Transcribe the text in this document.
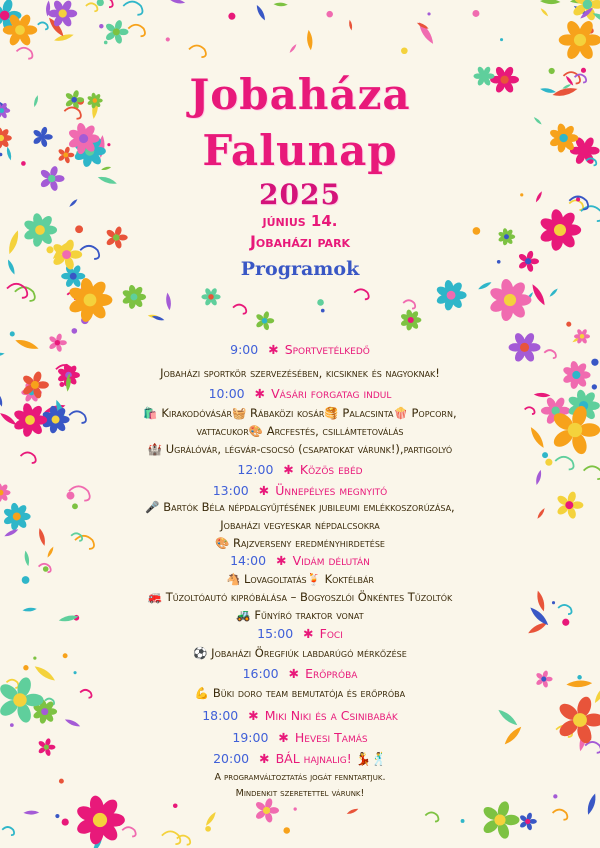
Jobaháza
Falunap
2025
június 14.
Jobaházi park
Programok
9:00 ✱ Sportvetélkedő
Jobaházi sportkör szervezésében, kicsiknek és nagyoknak!
10:00 ✱ Vásári forgatag indul
🛍️ Kirakodóvásár🧺 Rábaközi kosár🥞 Palacsinta🍿 Popcorn,
vattacukor🎨 Arcfestés, csillámtetoválás
🏰 Ugrálóvár, légvár-csocsó (csapatokat várunk!),partigolyó
12:00 ✱ Közös ebéd
13:00 ✱ Ünnepélyes megnyitó
🎤 Bartók Béla népdalgyűjtésének jubileumi emlékkoszorúzása,
Jobaházi vegyeskar népdalcsokra
🎨 Rajzverseny eredményhirdetése
14:00 ✱ Vidám délután
🐴 Lovagoltatás🍹 Koktélbár
🚒 Tűzoltóautó kipróbálása – Bogyoszlói Önkéntes Tűzoltók
🚜 Fűnyíró traktor vonat
15:00 ✱ Foci
⚽ Jobaházi Öregfiúk labdarúgó mérkőzése
16:00 ✱ Erőpróba
💪 Büki doro team bemutatója és erőpróba
18:00 ✱ Miki Niki és a Csinibabák
19:00 ✱ Hevesi Tamás
20:00 ✱ BÁL hajnalig! 💃🕺
A programváltoztatás jogát fenntartjuk.
Mindenkit szeretettel várunk!
